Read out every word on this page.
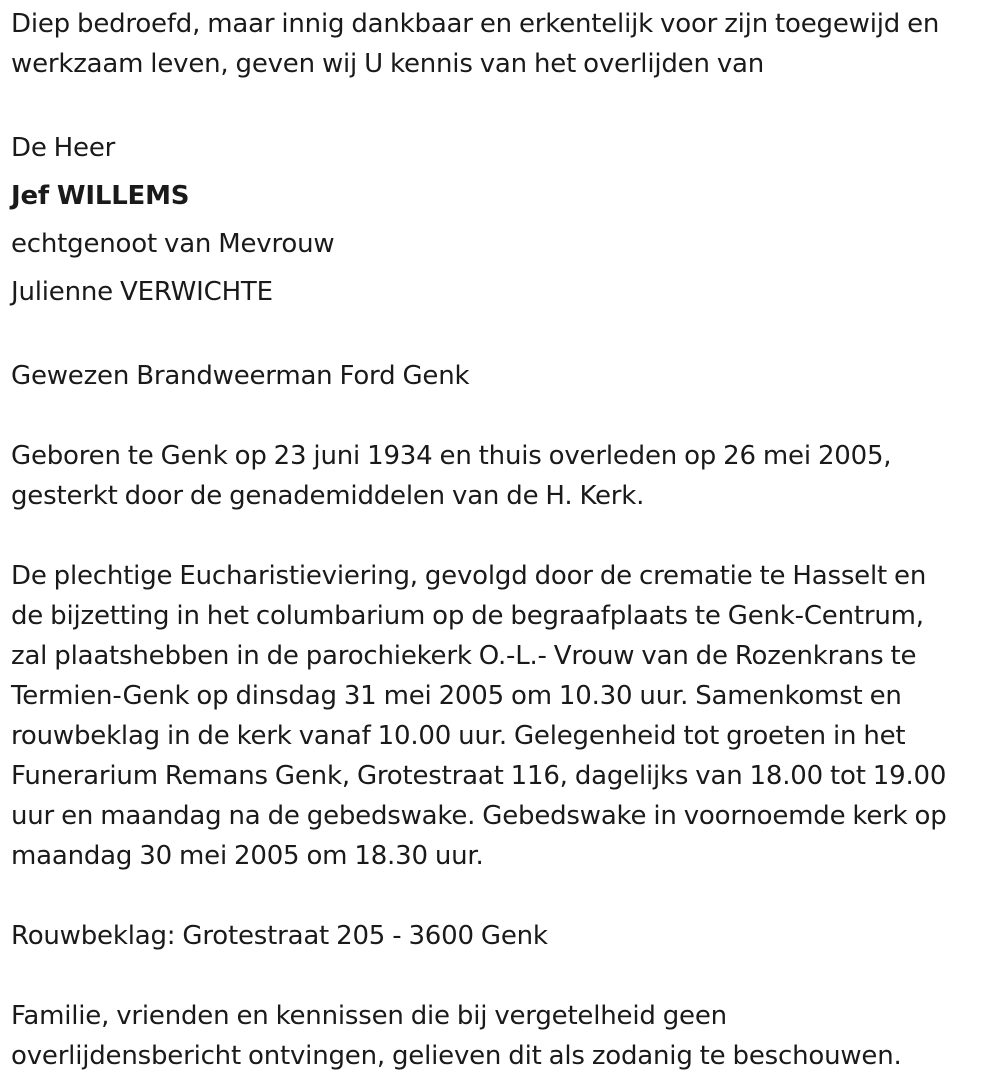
Diep bedroefd, maar innig dankbaar en erkentelijk voor zijn toegewijd en
werkzaam leven, geven wij U kennis van het overlijden van
De Heer
Jef WILLEMS
echtgenoot van Mevrouw
Julienne VERWICHTE
Gewezen Brandweerman Ford Genk
Geboren te Genk op 23 juni 1934 en thuis overleden op 26 mei 2005,
gesterkt door de genademiddelen van de H. Kerk.
De plechtige Eucharistieviering, gevolgd door de crematie te Hasselt en
de bijzetting in het columbarium op de begraafplaats te Genk-Centrum,
zal plaatshebben in de parochiekerk O.-L.- Vrouw van de Rozenkrans te
Termien-Genk op dinsdag 31 mei 2005 om 10.30 uur. Samenkomst en
rouwbeklag in de kerk vanaf 10.00 uur. Gelegenheid tot groeten in het
Funerarium Remans Genk, Grotestraat 116, dagelijks van 18.00 tot 19.00
uur en maandag na de gebedswake. Gebedswake in voornoemde kerk op
maandag 30 mei 2005 om 18.30 uur.
Rouwbeklag: Grotestraat 205 - 3600 Genk
Familie, vrienden en kennissen die bij vergetelheid geen
overlijdensbericht ontvingen, gelieven dit als zodanig te beschouwen.
